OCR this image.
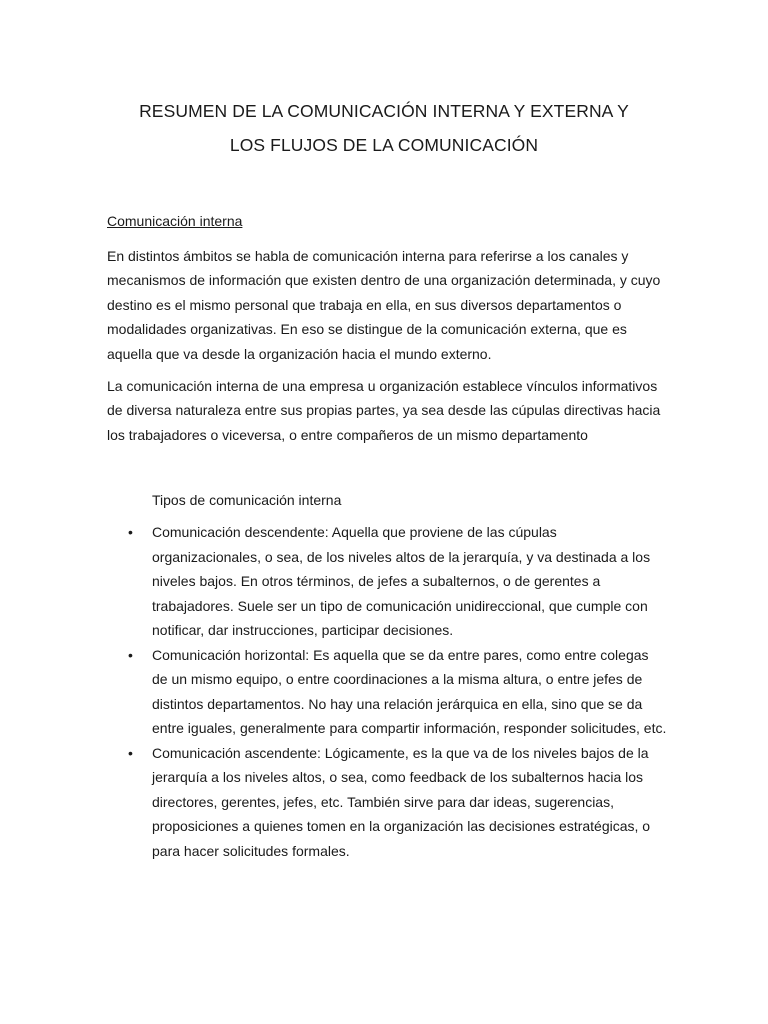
RESUMEN DE LA COMUNICACIÓN INTERNA Y EXTERNA Y
LOS FLUJOS DE LA COMUNICACIÓN

Comunicación interna

En distintos ámbitos se habla de comunicación interna para referirse a los canales y mecanismos de información que existen dentro de una organización determinada, y cuyo destino es el mismo personal que trabaja en ella, en sus diversos departamentos o modalidades organizativas. En eso se distingue de la comunicación externa, que es aquella que va desde la organización hacia el mundo externo.

La comunicación interna de una empresa u organización establece vínculos informativos de diversa naturaleza entre sus propias partes, ya sea desde las cúpulas directivas hacia los trabajadores o viceversa, o entre compañeros de un mismo departamento

Tipos de comunicación interna

• Comunicación descendente: Aquella que proviene de las cúpulas organizacionales, o sea, de los niveles altos de la jerarquía, y va destinada a los niveles bajos. En otros términos, de jefes a subalternos, o de gerentes a trabajadores. Suele ser un tipo de comunicación unidireccional, que cumple con notificar, dar instrucciones, participar decisiones.
• Comunicación horizontal: Es aquella que se da entre pares, como entre colegas de un mismo equipo, o entre coordinaciones a la misma altura, o entre jefes de distintos departamentos. No hay una relación jerárquica en ella, sino que se da entre iguales, generalmente para compartir información, responder solicitudes, etc.
• Comunicación ascendente: Lógicamente, es la que va de los niveles bajos de la jerarquía a los niveles altos, o sea, como feedback de los subalternos hacia los directores, gerentes, jefes, etc. También sirve para dar ideas, sugerencias, proposiciones a quienes tomen en la organización las decisiones estratégicas, o para hacer solicitudes formales.
